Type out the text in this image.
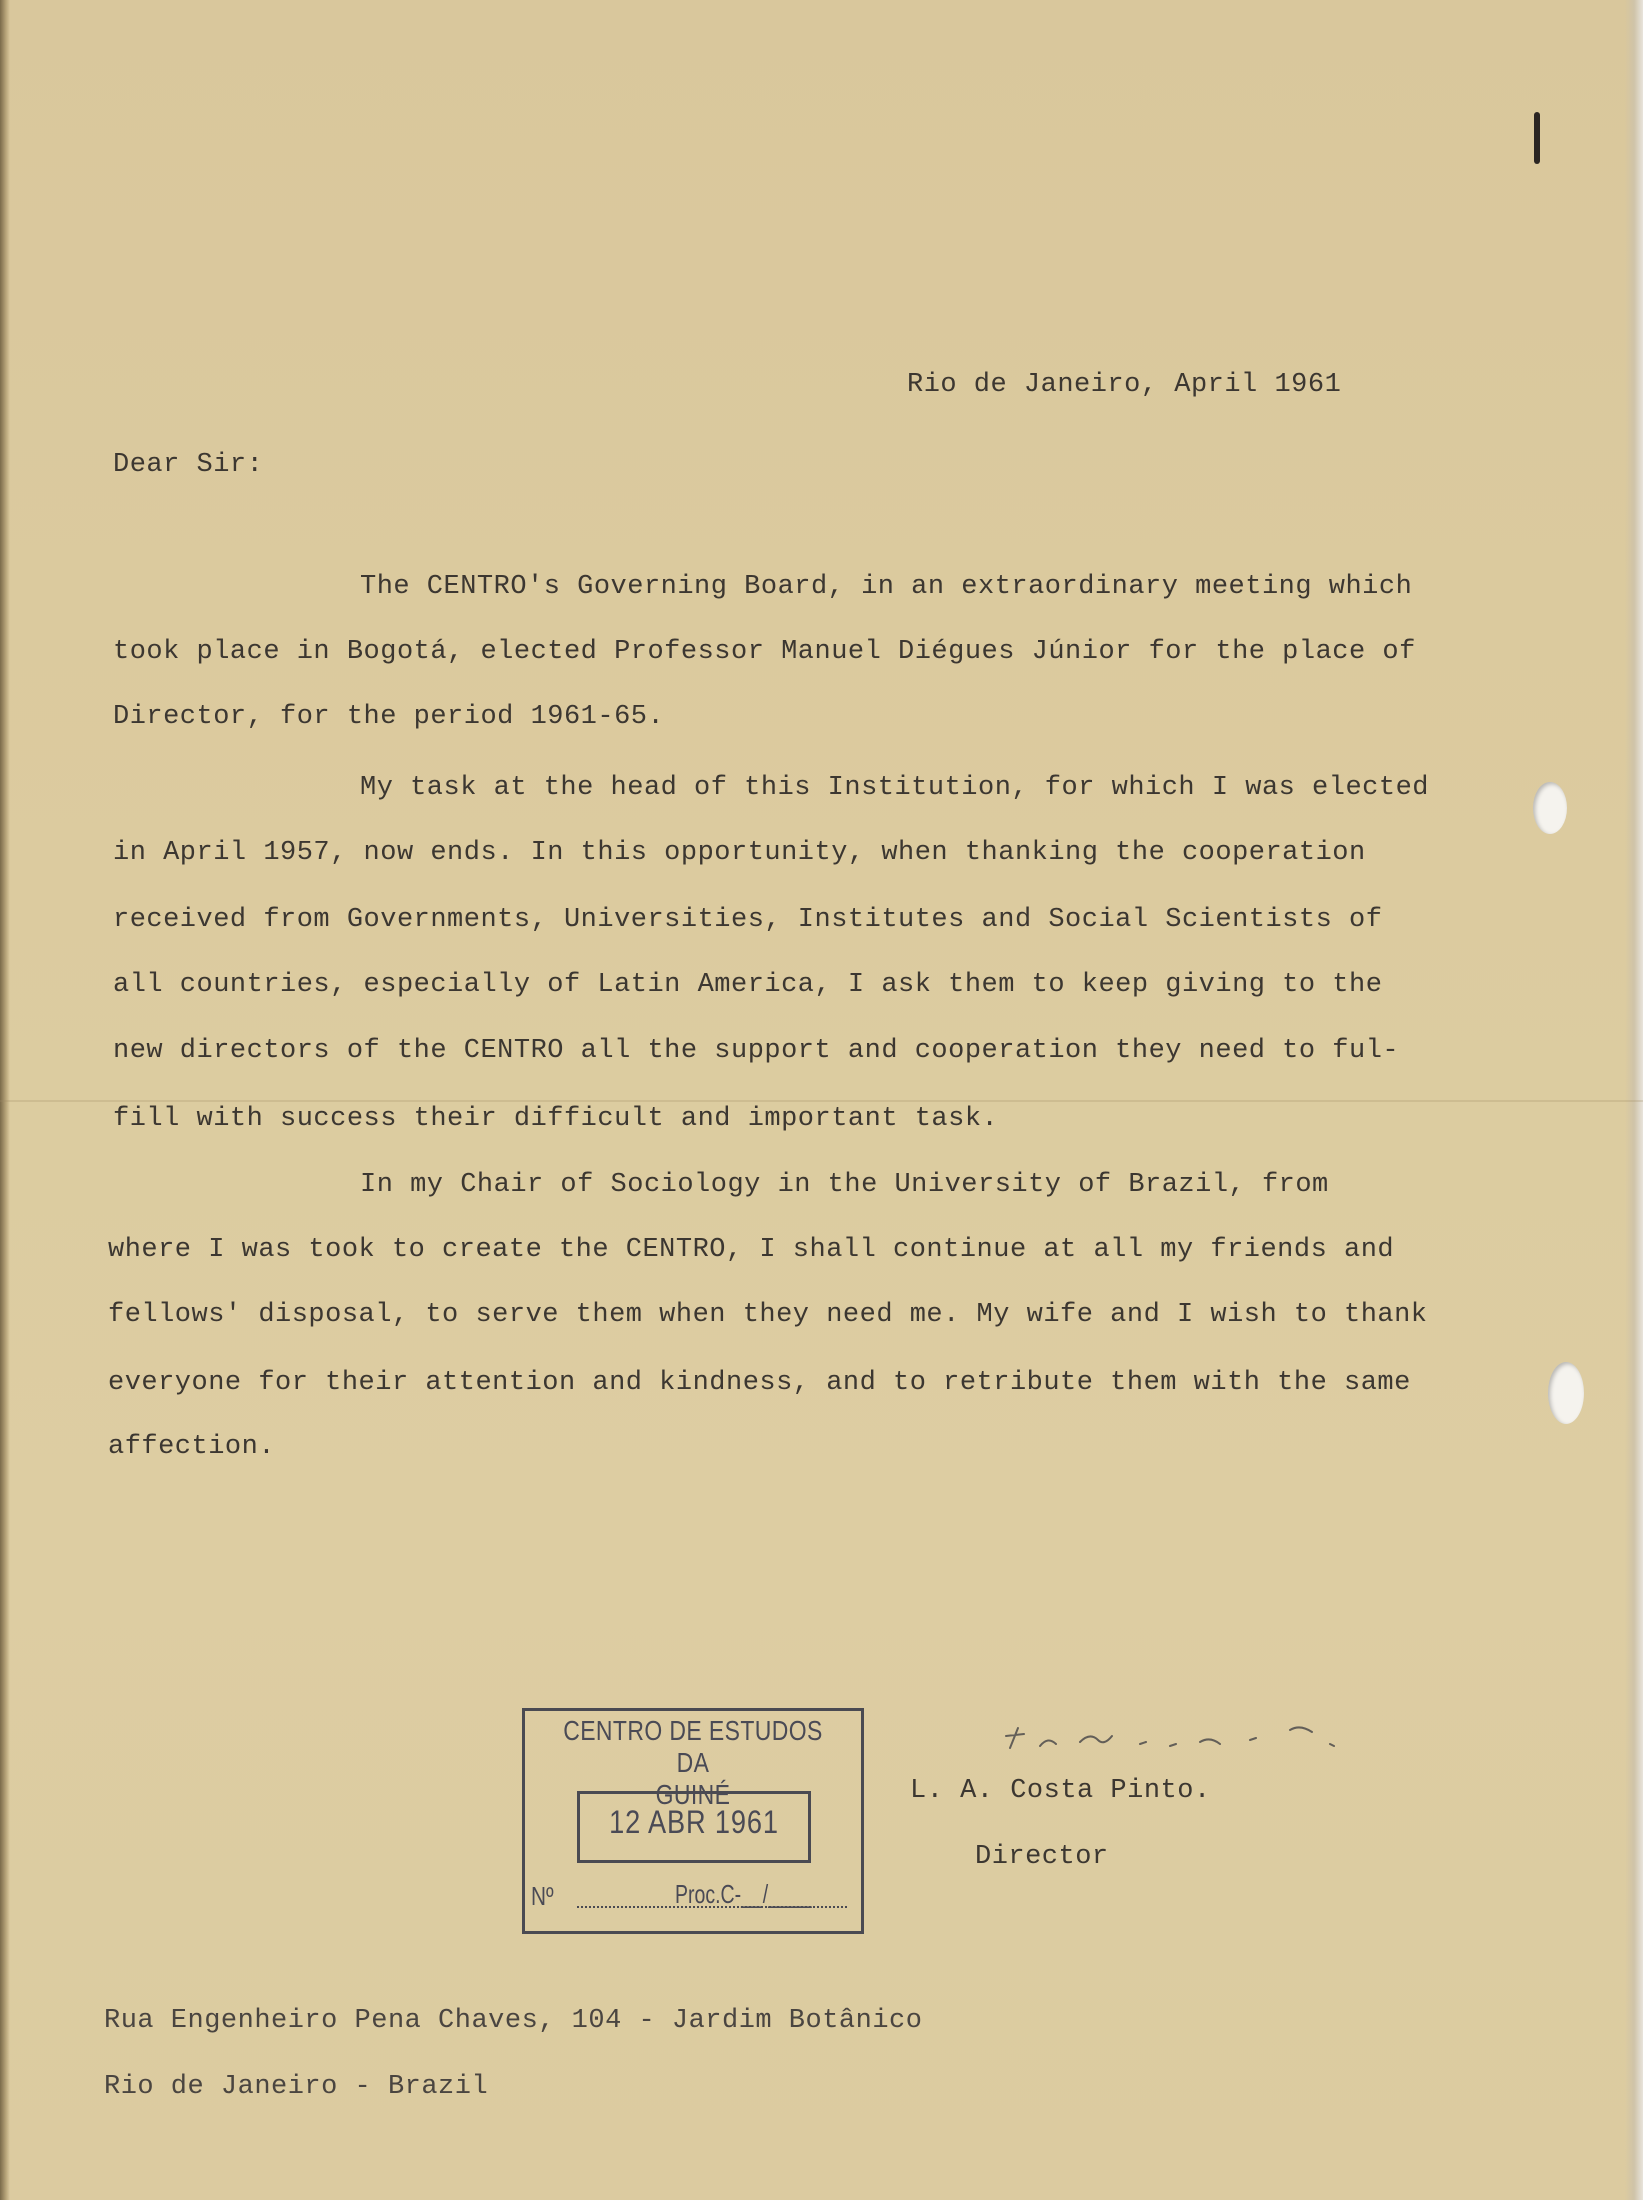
Rio de Janeiro, April 1961
Dear Sir:
The CENTRO's Governing Board, in an extraordinary meeting which
took place in Bogotá, elected Professor Manuel Diégues Júnior for the place of
Director, for the period 1961-65.
My task at the head of this Institution, for which I was elected
in April 1957, now ends. In this opportunity, when thanking the cooperation
received from Governments, Universities, Institutes and Social Scientists of
all countries, especially of Latin America, I ask them to keep giving to the
new directors of the CENTRO all the support and cooperation they need to ful-
fill with success their difficult and important task.
In my Chair of Sociology in the University of Brazil, from
where I was took to create the CENTRO, I shall continue at all my friends and
fellows' disposal, to serve them when they need me. My wife and I wish to thank
everyone for their attention and kindness, and to retribute them with the same
affection.
CENTRO DE ESTUDOS DA
GUINÉ
12 ABR 1961
Nº	Proc.C-__/____
L. A. Costa Pinto.
Director
Rua Engenheiro Pena Chaves, 104 - Jardim Botânico
Rio de Janeiro - Brazil
